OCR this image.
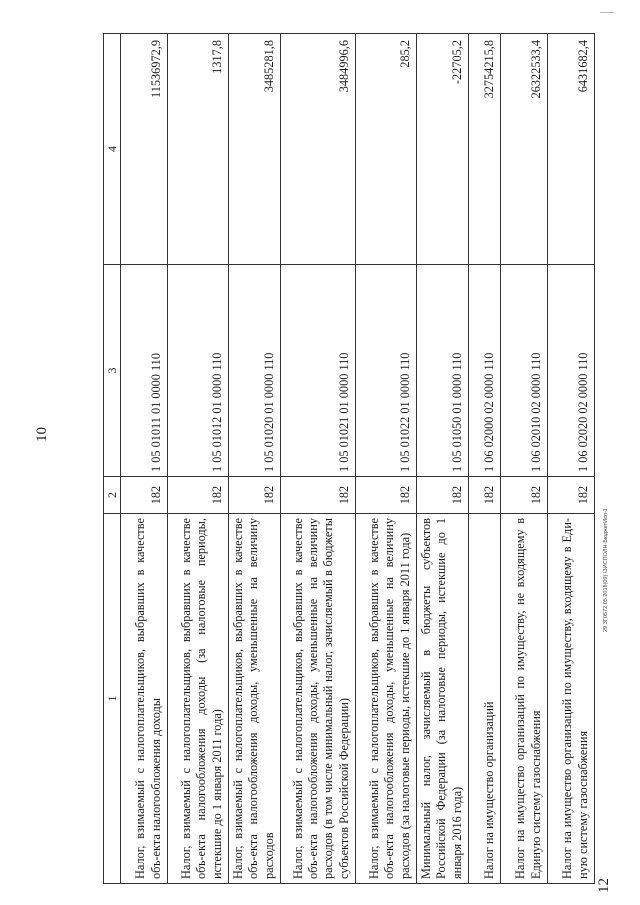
10
12
29 ЗГ0572 05.2018(09) \ЗИСПОЛН-БюджетИсп-1
1	2	3	4
Налог, взимаемый с налогоплательщиков, выбравших в качестве объ-екта налогообложения доходы	182	1 05 01011 01 0000 110	11536972,9
Налог, взимаемый с налогоплательщиков, выбравших в качестве объ-екта налогообложения доходы (за налоговые периоды, истекшие до 1 января 2011 года)	182	1 05 01012 01 0000 110	1317,8
Налог, взимаемый с налогоплательщиков, выбравших в качестве объ-екта налогообложения доходы, уменьшенные на величину расходов	182	1 05 01020 01 0000 110	3485281,8
Налог, взимаемый с налогоплательщиков, выбравших в качестве объ-екта налогообложения доходы, уменьшенные на величину расходов (в том числе минимальный налог, зачисляемый в бюджеты субъектов Российской Федерации)	182	1 05 01021 01 0000 110	3484996,6
Налог, взимаемый с налогоплательщиков, выбравших в качестве объ-екта налогообложения доходы, уменьшенные на величину расходов (за налоговые периоды, истекшие до 1 января 2011 года)	182	1 05 01022 01 0000 110	285,2
Минимальный налог, зачисляемый в бюджеты субъектов Российской Федерации (за налоговые периоды, истекшие до 1 января 2016 года)	182	1 05 01050 01 0000 110	-22705,2
Налог на имущество организаций	182	1 06 02000 02 0000 110	32754215,8
Налог на имущество организаций по имуществу, не входящему в Единую систему газоснабжения	182	1 06 02010 02 0000 110	26322533,4
Налог на имущество организаций по имуществу, входящему в Еди-ную систему газоснабжения	182	1 06 02020 02 0000 110	6431682,4
